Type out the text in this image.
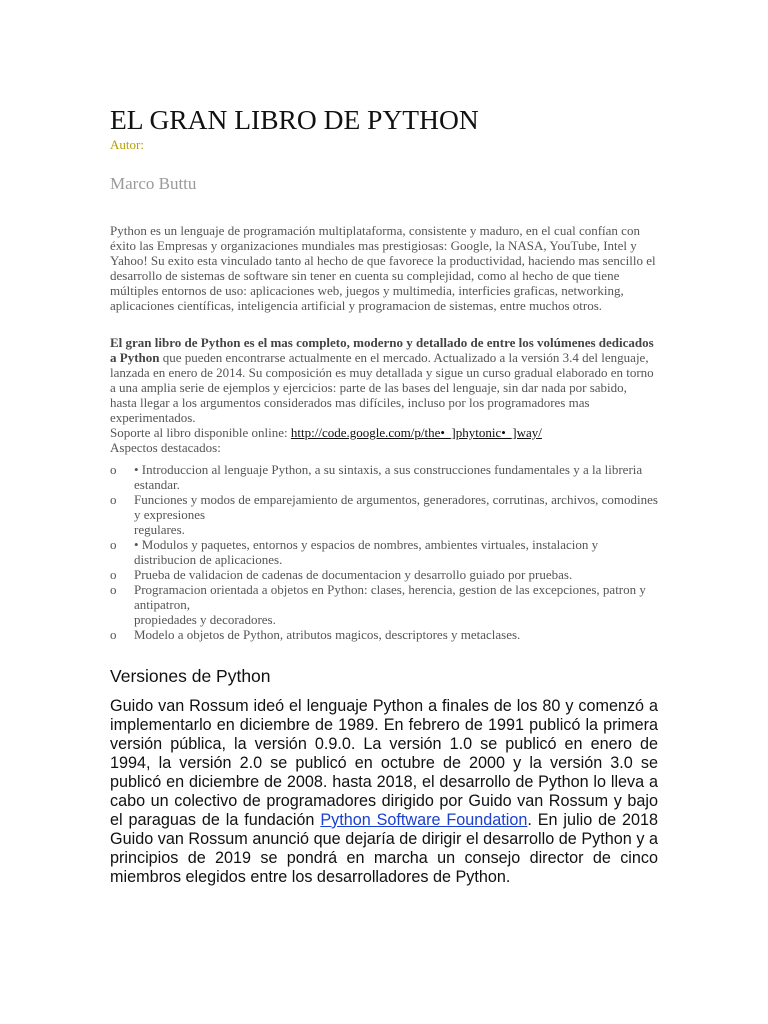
EL GRAN LIBRO DE PYTHON
Autor:
Marco Buttu

Python es un lenguaje de programación multiplataforma, consistente y maduro, en el cual confían con éxito las Empresas y organizaciones mundiales mas prestigiosas: Google, la NASA, YouTube, Intel y Yahoo! Su exito esta vinculado tanto al hecho de que favorece la productividad, haciendo mas sencillo el desarrollo de sistemas de software sin tener en cuenta su complejidad, como al hecho de que tiene múltiples entornos de uso: aplicaciones web, juegos y multimedia, interficies graficas, networking, aplicaciones científicas, inteligencia artificial y programacion de sistemas, entre muchos otros.

El gran libro de Python es el mas completo, moderno y detallado de entre los volúmenes dedicados a Python que pueden encontrarse actualmente en el mercado. Actualizado a la versión 3.4 del lenguaje, lanzada en enero de 2014. Su composición es muy detallada y sigue un curso gradual elaborado en torno a una amplia serie de ejemplos y ejercicios: parte de las bases del lenguaje, sin dar nada por sabido, hasta llegar a los argumentos considerados mas difíciles, incluso por los programadores mas experimentados.
Soporte al libro disponible online: http://code.google.com/p/the•_]phytonic•_]way/
Aspectos destacados:

o • Introduccion al lenguaje Python, a su sintaxis, a sus construcciones fundamentales y a la libreria estandar.
o Funciones y modos de emparejamiento de argumentos, generadores, corrutinas, archivos, comodines y expresiones
regulares.
o • Modulos y paquetes, entornos y espacios de nombres, ambientes virtuales, instalacion y distribucion de aplicaciones.
o Prueba de validacion de cadenas de documentacion y desarrollo guiado por pruebas.
o Programacion orientada a objetos en Python: clases, herencia, gestion de las excepciones, patron y antipatron,
propiedades y decoradores.
o Modelo a objetos de Python, atributos magicos, descriptores y metaclases.
Versiones de Python

Guido van Rossum ideó el lenguaje Python a finales de los 80 y comenzó a implementarlo en diciembre de 1989. En febrero de 1991 publicó la primera versión pública, la versión 0.9.0. La versión 1.0 se publicó en enero de 1994, la versión 2.0 se publicó en octubre de 2000 y la versión 3.0 se publicó en diciembre de 2008. hasta 2018, el desarrollo de Python lo lleva a cabo un colectivo de programadores dirigido por Guido van Rossum y bajo el paraguas de la fundación Python Software Foundation. En julio de 2018 Guido van Rossum anunció que dejaría de dirigir el desarrollo de Python y a principios de 2019 se pondrá en marcha un consejo director de cinco miembros elegidos entre los desarrolladores de Python.
